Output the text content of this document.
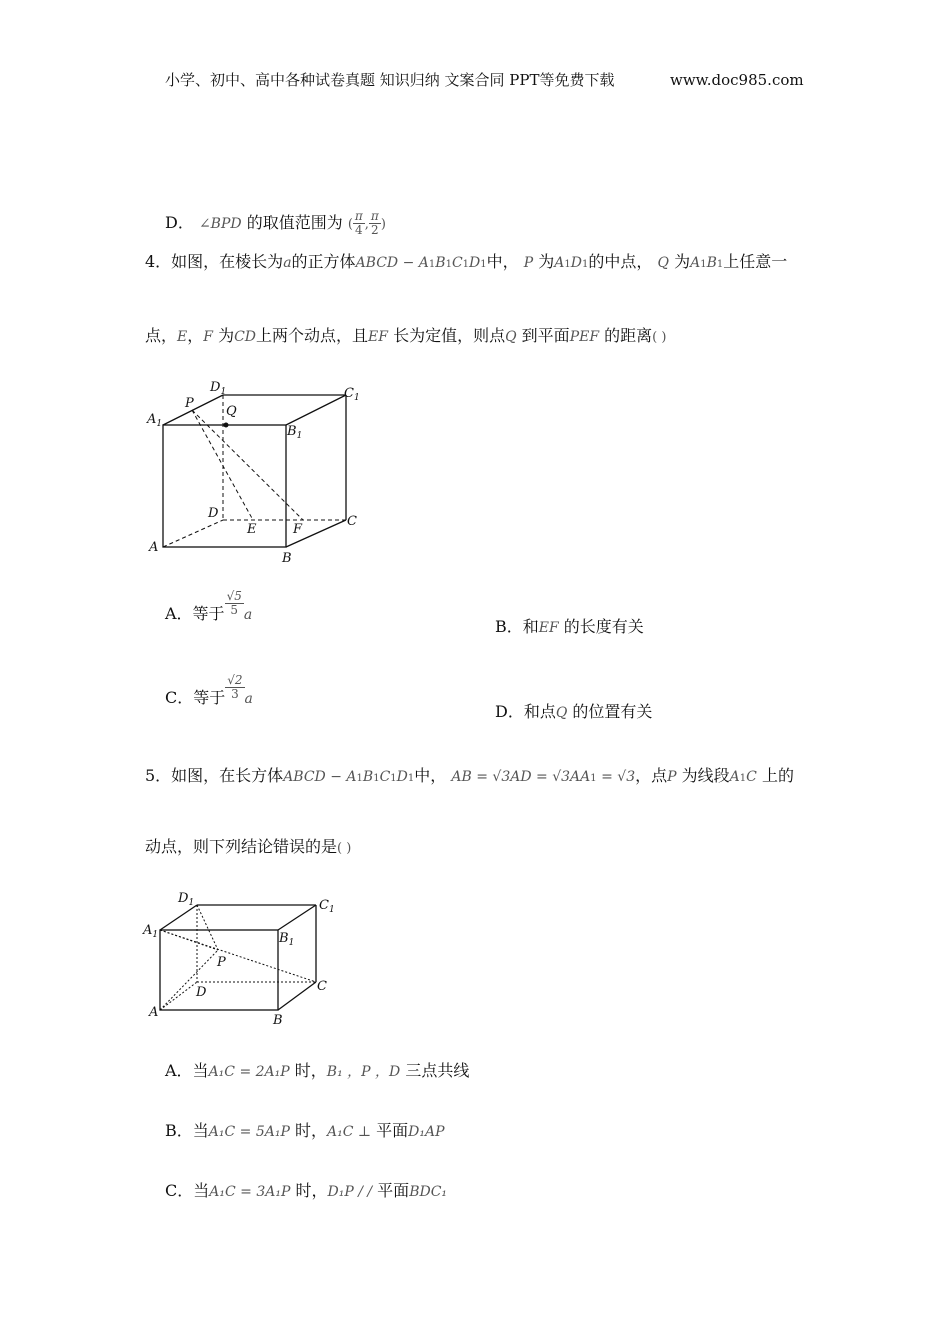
小学、初中、高中各种试卷真题 知识归纳 文案合同 PPT等免费下载	www.doc985.com
D． ∠BPD 的取值范围为 ( $\frac{\pi}{4}$ , $\frac{\pi}{2}$ )
4．如图，在棱长为a的正方体ABCD − A1B1C1D1中， P 为A1D1的中点， Q 为A1B1上任意一
点，E，F 为CD上两个动点，且EF 长为定值，则点Q 到平面PEF 的距离( )
$D_1$	$C_1$
$A_1$
P
Q
$B_1$
D
C
E	F
A
B
A．等于 $\frac{√5}{5}$ a
B．和EF 的长度有关
C．等于 $\frac{√2}{3}$ a
D．和点Q 的位置有关
5．如图，在长方体ABCD − A1B1C1D1中， AB = √3AD = √3AA1 = √3，点P 为线段A1C 上的
动点，则下列结论错误的是( )
$D_1$	$C_1$
$A_1$	$B_1$
P
D	C
A
B
A．当A₁C = 2A₁P 时，B₁ ，P ，D 三点共线
B．当A₁C = 5A₁P 时，A₁C ⊥ 平面D₁AP
C．当A₁C = 3A₁P 时，D₁P / / 平面BDC₁
